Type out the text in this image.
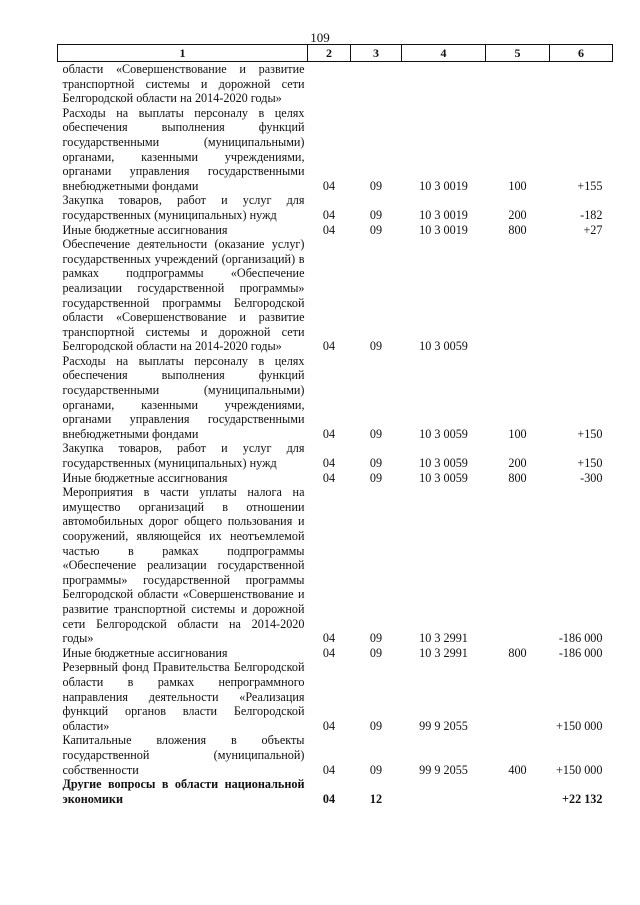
109
1	2	3	4	5	6
области «Совершенствование и развитие транспортной системы и дорожной сети Белгородской области на 2014-2020 годы»					
Расходы на выплаты персоналу в целях обеспечения выполнения функций государственными (муниципальными) органами, казенными учреждениями, органами управления государственными внебюджетными фондами	04	09	10 3 0019	100	+155
Закупка товаров, работ и услуг для государственных (муниципальных) нужд	04	09	10 3 0019	200	-182
Иные бюджетные ассигнования	04	09	10 3 0019	800	+27
Обеспечение деятельности (оказание услуг) государственных учреждений (организаций) в рамках подпрограммы «Обеспечение реализации государственной программы» государственной программы Белгородской области «Совершенствование и развитие транспортной системы и дорожной сети Белгородской области на 2014-2020 годы»	04	09	10 3 0059		
Расходы на выплаты персоналу в целях обеспечения выполнения функций государственными (муниципальными) органами, казенными учреждениями, органами управления государственными внебюджетными фондами	04	09	10 3 0059	100	+150
Закупка товаров, работ и услуг для государственных (муниципальных) нужд	04	09	10 3 0059	200	+150
Иные бюджетные ассигнования	04	09	10 3 0059	800	-300
Мероприятия в части уплаты налога на имущество организаций в отношении автомобильных дорог общего пользования и сооружений, являющейся их неотъемлемой частью в рамках подпрограммы «Обеспечение реализации государственной программы» государственной программы Белгородской области «Совершенствование и развитие транспортной системы и дорожной сети Белгородской области на 2014-2020 годы»	04	09	10 3 2991		-186 000
Иные бюджетные ассигнования	04	09	10 3 2991	800	-186 000
Резервный фонд Правительства Белгородской области в рамках непрограммного направления деятельности «Реализация функций органов власти Белгородской области»	04	09	99 9 2055		+150 000
Капитальные вложения в объекты государственной (муниципальной) собственности	04	09	99 9 2055	400	+150 000
Другие вопросы в области национальной экономики	04	12			+22 132
